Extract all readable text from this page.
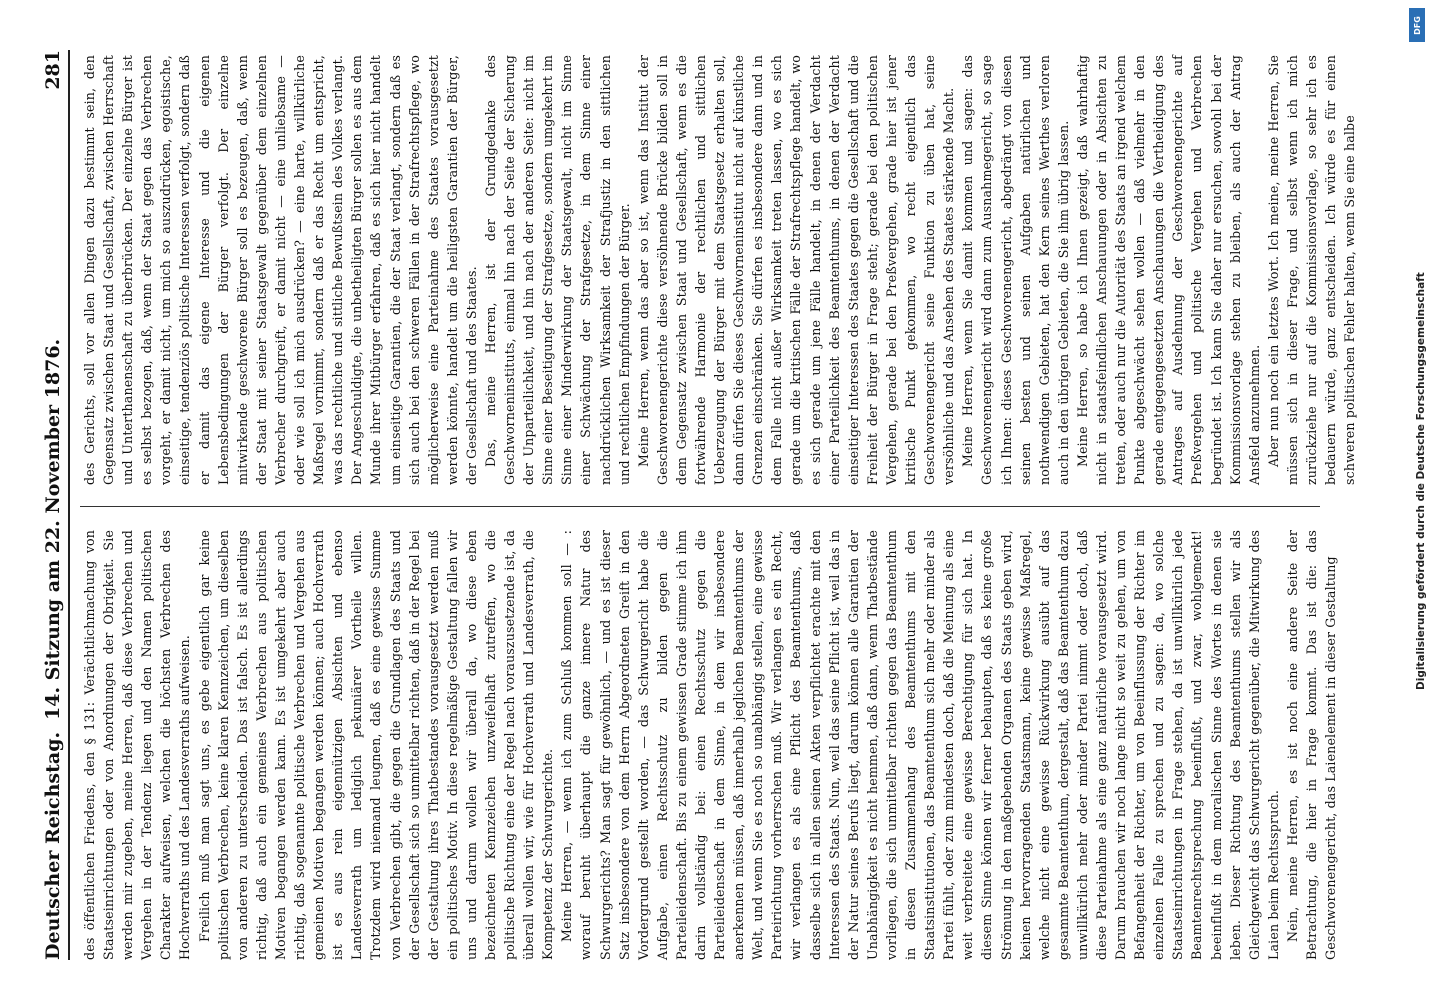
Deutscher Reichstag.
14. Sitzung am 22. November 1876.
281

des öffentlichen Friedens, den § 131: Verächtlichmachung von Staatseinrichtungen oder von Anordnungen der Obrigkeit. Sie werden mir zugeben, meine Herren, daß diese Verbrechen und Vergehen in der Tendenz liegen und den Namen politischen Charakter aufweisen, welchen die höchsten Verbrechen des Hochverraths und des Landesverraths aufweisen. Freilich muß man sagt uns, es gebe eigentlich gar keine politischen Verbrechen, keine klaren Kennzeichen, um dieselben von anderen zu unterscheiden. Das ist falsch. Es ist allerdings richtig, daß auch ein gemeines Verbrechen aus politischen Motiven begangen werden kann. Es ist umgekehrt aber auch richtig, daß sogenannte politische Verbrechen und Vergehen aus gemeinen Motiven begangen werden können; auch Hochverrath ist es aus rein eigennützigen Absichten und ebenso Landesverrath um lediglich pekuniärer Vortheile willen. Trotzdem wird niemand leugnen, daß es eine gewisse Summe von Verbrechen gibt, die gegen die Grundlagen des Staats und der Gesellschaft sich so unmittelbar richten, daß in der Regel bei der Gestaltung ihres Thatbestandes vorausgesetzt werden muß ein politisches Motiv. In diese regelmäßige Gestaltung fallen wir uns und darum wollen wir überall da, wo diese eben bezeichneten Kennzeichen unzweifelhaft zutreffen, wo die politische Richtung eine der Regel nach vorauszusetzende ist, da überall wollen wir, wie für Hochverrath und Landesverrath, die Kompetenz der Schwurgerichte. Meine Herren, — wenn ich zum Schluß kommen soll — : worauf beruht überhaupt die ganze innere Natur des Schwurgerichts? Man sagt für gewöhnlich, — und es ist dieser Satz insbesondere von dem Herrn Abgeordneten Greift in den Vordergrund gestellt worden, — das Schwurgericht habe die Aufgabe, einen Rechtsschutz zu bilden gegen die Parteileidenschaft. Bis zu einem gewissen Grade stimme ich ihm darin vollständig bei: einen Rechtsschutz gegen die Parteileidenschaft in dem Sinne, in dem wir insbesondere anerkennen müssen, daß innerhalb jeglichen Beamtenthums der Welt, und wenn Sie es noch so unabhängig stellen, eine gewisse Parteirichtung vorherrschen muß. Wir verlangen es ein Recht, wir verlangen es als eine Pflicht des Beamtenthums, daß dasselbe sich in allen seinen Akten verpflichtet erachte mit den Interessen des Staats. Nun, weil das seine Pflicht ist, weil das in der Natur seines Berufs liegt, darum können alle Garantien der Unabhängigkeit es nicht hemmen, daß dann, wenn Thatbestände vorliegen, die sich unmittelbar richten gegen das Beamtenthum in diesen Zusammenhang des Beamtenthums mit den Staatsinstitutionen, das Beamtenthum sich mehr oder minder als Partei fühlt, oder zum mindesten doch, daß die Meinung als eine weit verbreitete eine gewisse Berechtigung für sich hat. In diesem Sinne können wir ferner behaupten, daß es keine große Strömung in den maßgebenden Organen des Staats geben wird, keinen hervorragenden Staatsmann, keine gewisse Maßregel, welche nicht eine gewisse Rückwirkung ausübt auf das gesammte Beamtenthum, dergestalt, daß das Beamtenthum dazu unwillkürlich mehr oder minder Partei nimmt oder doch, daß diese Parteinahme als eine ganz natürliche vorausgesetzt wird. Darum brauchen wir noch lange nicht so weit zu gehen, um von Befangenheit der Richter, um von Beeinflussung der Richter im einzelnen Falle zu sprechen und zu sagen: da, wo solche Staatseinrichtungen in Frage stehen, da ist unwillkürlich jede Beamtenrechtsprechung beeinflußt, und zwar, wohlgemerkt! beeinflußt in dem moralischen Sinne des Wortes in denen sie leben. Dieser Richtung des Beamtenthums stellen wir als Gleichgewicht das Schwurgericht gegenüber, die Mitwirkung des Laien beim Rechtsspruch. Nein, meine Herren, es ist noch eine andere Seite der Betrachtung, die hier in Frage kommt. Das ist die: das Geschworenengericht, das Laienelement in dieser Gestaltung

des Gerichts, soll vor allen Dingen dazu bestimmt sein, den Gegensatz zwischen Staat und Gesellschaft, zwischen Herrschaft und Unterthanenschaft zu überbrücken. Der einzelne Bürger ist es selbst bezogen, daß, wenn der Staat gegen das Verbrechen vorgeht, er damit nicht, um mich so auszudrücken, egoistische, einseitige, tendenziös politische Interessen verfolgt, sondern daß er damit das eigene Interesse und die eigenen Lebensbedingungen der Bürger verfolgt. Der einzelne mitwirkende geschworene Bürger soll es bezeugen, daß, wenn der Staat mit seiner Staatsgewalt gegenüber dem einzelnen Verbrecher durchgreift, er damit nicht — eine unliebsame — oder wie soll ich mich ausdrücken? — eine harte, willkürliche Maßregel vornimmt, sondern daß er das Recht um entspricht, was das rechtliche und sittliche Bewußtsein des Volkes verlangt. Der Angeschuldigte, die unbetheiligten Bürger sollen es aus dem Munde ihrer Mitbürger erfahren, daß es sich hier nicht handelt um einseitige Garantien, die der Staat verlangt, sondern daß es sich auch bei den schweren Fällen in der Strafrechtspflege, wo möglicherweise eine Parteinahme des Staates vorausgesetzt werden könnte, handelt um die heiligsten Garantien der Bürger, der Gesellschaft und des Staates. Das, meine Herren, ist der Grundgedanke des Geschworneninstituts, einmal hin nach der Seite der Sicherung der Unparteilichkeit, und hin nach der anderen Seite: nicht im Sinne einer Beseitigung der Strafgesetze, sondern umgekehrt im Sinne einer Minderwirkung der Staatsgewalt, nicht im Sinne einer Schwächung der Strafgesetze, in dem Sinne einer nachdrücklichen Wirksamkeit der Strafjustiz in den sittlichen und rechtlichen Empfindungen der Bürger. Meine Herren, wenn das aber so ist, wenn das Institut der Geschworenengerichte diese versöhnende Brücke bilden soll in dem Gegensatz zwischen Staat und Gesellschaft, wenn es die fortwährende Harmonie der rechtlichen und sittlichen Ueberzeugung der Bürger mit dem Staatsgesetz erhalten soll, dann dürfen Sie dieses Geschworneninstitut nicht auf künstliche Grenzen einschränken. Sie dürfen es insbesondere dann und in dem Falle nicht außer Wirksamkeit treten lassen, wo es sich gerade um die kritischen Fälle der Strafrechtspflege handelt, wo es sich gerade um jene Fälle handelt, in denen der Verdacht einer Parteilichkeit des Beamtenthums, in denen der Verdacht einseitiger Interessen des Staates gegen die Gesellschaft und die Freiheit der Bürger in Frage steht; gerade bei den politischen Vergehen, gerade bei den Preßvergehen, grade hier ist jener kritische Punkt gekommen, wo recht eigentlich das Geschworenengericht seine Funktion zu üben hat, seine versöhnliche und das Ansehen des Staates stärkende Macht. Meine Herren, wenn Sie damit kommen und sagen: das Geschworenengericht wird dann zum Ausnahmegericht, so sage ich Ihnen: dieses Geschworenengericht, abgedrängt von diesen seinen besten und seinen Aufgaben natürlichen und nothwendigen Gebieten, hat den Kern seines Werthes verloren auch in den übrigen Gebieten, die Sie ihm übrig lassen. Meine Herren, so habe ich Ihnen gezeigt, daß wahrhaftig nicht in staatsfeindlichen Anschauungen oder in Absichten zu treten, oder auch nur die Autorität des Staats an irgend welchem Punkte abgeschwächt sehen wollen — daß vielmehr in den gerade entgegengesetzten Anschauungen die Vertheidigung des Antrages auf Ausdehnung der Geschworenengerichte auf Preßvergehen und politische Vergehen und Verbrechen begründet ist. Ich kann Sie daher nur ersuchen, sowohl bei der Kommissionsvorlage stehen zu bleiben, als auch der Antrag Ansfeld anzunehmen. Aber nun noch ein letztes Wort. Ich meine, meine Herren, Sie müssen sich in dieser Frage, und selbst wenn ich mich zurückziehe nur auf die Kommissionsvorlage, so sehr ich es bedauern würde, ganz entscheiden. Ich würde es für einen schweren politischen Fehler halten, wenn Sie eine halbe

DFG
Digitalisierung gefördert durch die Deutsche Forschungsgemeinschaft
